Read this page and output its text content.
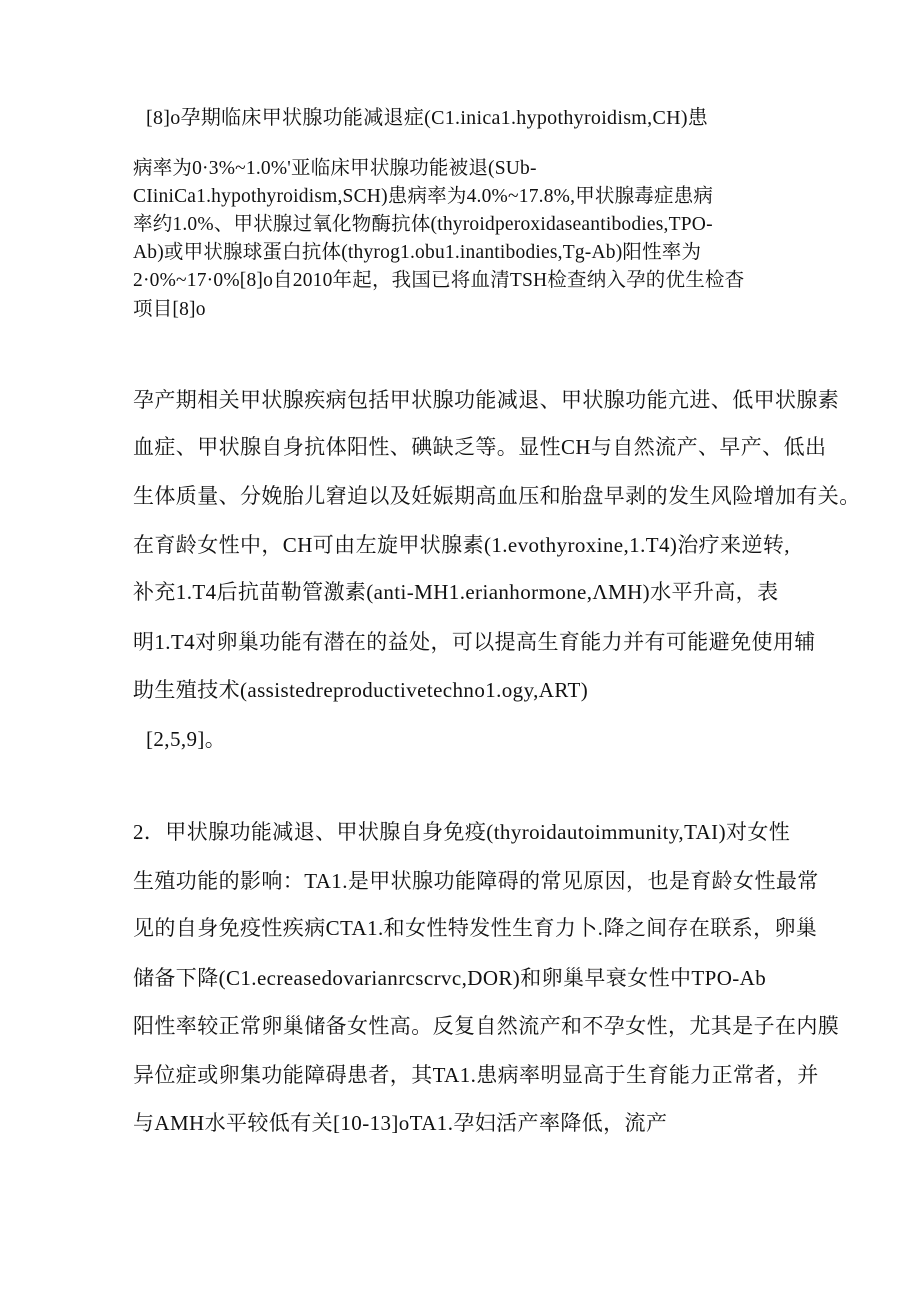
[8]o孕期临床甲状腺功能减退症(C1.inica1.hypothyroidism,CH)患
病率为0·3%~1.0%'亚临床甲状腺功能被退(SUb-
CIiniCa1.hypothyroidism,SCH)患病率为4.0%~17.8%,甲状腺毒症患病
率约1.0%、甲状腺过氧化物酶抗体(thyroidperoxidaseantibodies,TPO-
Ab)或甲状腺球蛋白抗体(thyrog1.obu1.inantibodies,Tg-Ab)阳性率为
2·0%~17·0%[8]o自2010年起，我国已将血清TSH检查纳入孕的优生检杳
项目[8]o
孕产期相关甲状腺疾病包括甲状腺功能减退、甲状腺功能亢进、低甲状腺素
血症、甲状腺自身抗体阳性、碘缺乏等。显性CH与自然流产、早产、低出
生体质量、分娩胎儿窘迫以及妊娠期高血压和胎盘早剥的发生风险增加有关。
在育龄女性中，CH可由左旋甲状腺素(1.evothyroxine,1.T4)治疗来逆转,
补充1.T4后抗苗勒管激素(anti-MH1.erianhormone,ΛMH)水平升高，表
明1.T4对卵巢功能有潜在的益处，可以提高生育能力并有可能避免使用辅
助生殖技术(assistedreproductivetechno1.ogy,ART)
[2,5,9]。
2．甲状腺功能减退、甲状腺自身免疫(thyroidautoimmunity,TAI)对女性
生殖功能的影响：TA1.是甲状腺功能障碍的常见原因，也是育龄女性最常
见的自身免疫性疾病CTA1.和女性特发性生育力卜.降之间存在联系，卵巢
储备下降(C1.ecreasedovarianrcscrvc,DOR)和卵巢早衰女性中TPO-Ab
阳性率较正常卵巢储备女性高。反复自然流产和不孕女性，尤其是子在内膜
异位症或卵集功能障碍患者，其TA1.患病率明显高于生育能力正常者，并
与AMH水平较低有关[10-13]oTA1.孕妇活产率降低，流产
